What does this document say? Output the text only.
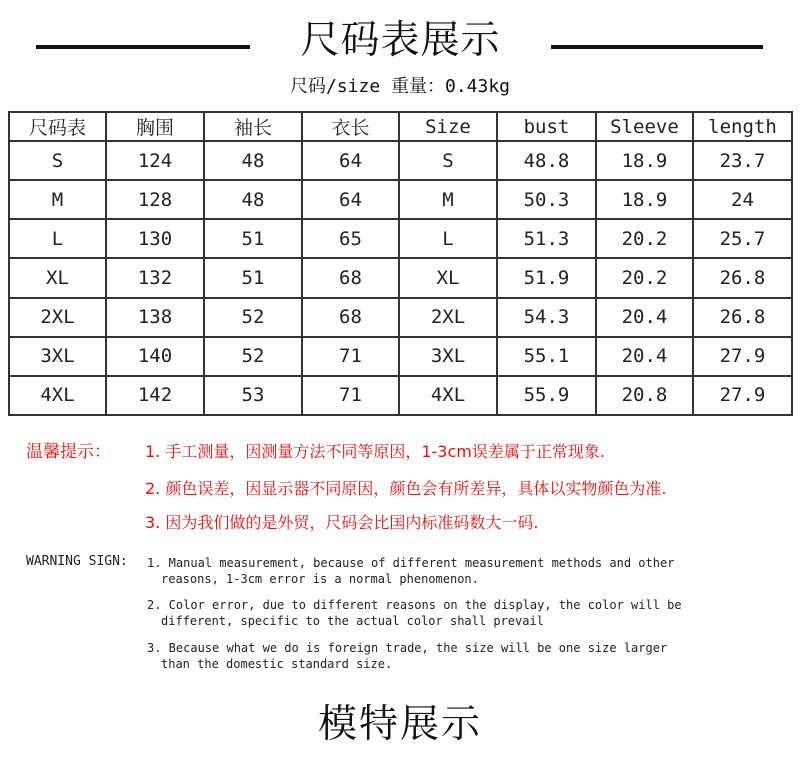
尺码表展示
尺码/size 重量：0.43kg
尺码表	胸围	袖长	衣长	Size	bust	Sleeve	length
S	124	48	64	S	48.8	18.9	23.7
M	128	48	64	M	50.3	18.9	24
L	130	51	65	L	51.3	20.2	25.7
XL	132	51	68	XL	51.9	20.2	26.8
2XL	138	52	68	2XL	54.3	20.4	26.8
3XL	140	52	71	3XL	55.1	20.4	27.9
4XL	142	53	71	4XL	55.9	20.8	27.9
温馨提示： 1. 手工测量，因测量方法不同等原因，1-3cm误差属于正常现象.
2. 颜色误差，因显示器不同原因，颜色会有所差异，具体以实物颜色为准.
3. 因为我们做的是外贸，尺码会比国内标准码数大一码.
WARNING SIGN: 1. Manual measurement, because of different measurement methods and other
reasons, 1-3cm error is a normal phenomenon.
2. Color error, due to different reasons on the display, the color will be
different, specific to the actual color shall prevail
3. Because what we do is foreign trade, the size will be one size larger
than the domestic standard size.
模特展示
